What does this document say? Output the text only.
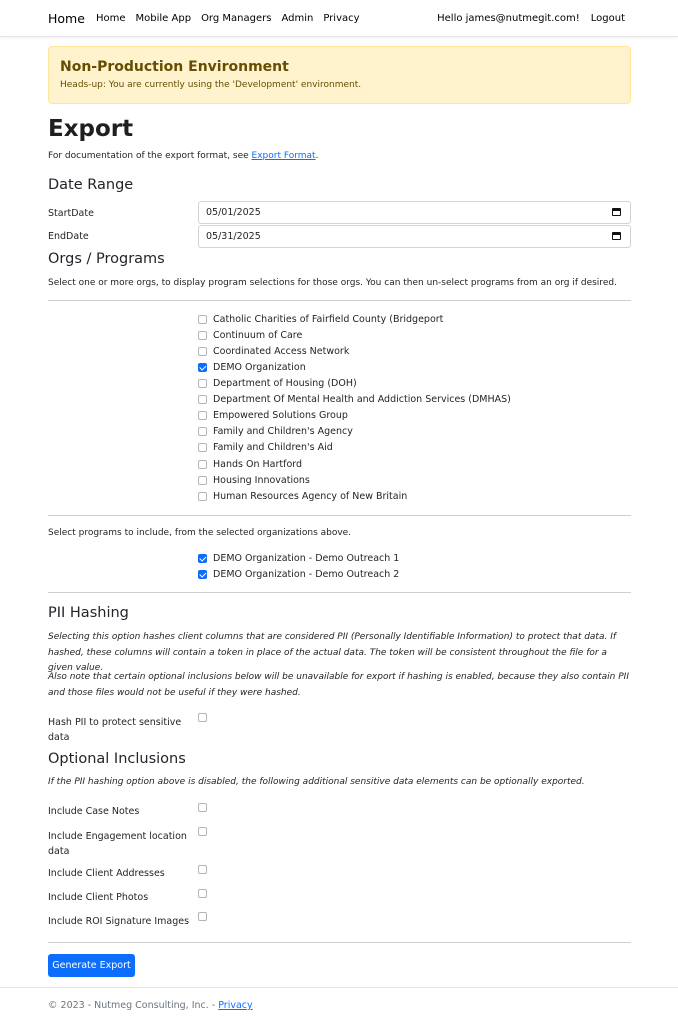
Home Home Mobile App Org Managers Admin Privacy	Hello james@nutmegit.com! Logout
Non-Production Environment
Heads-up: You are currently using the 'Development' environment.
Export
For documentation of the export format, see Export Format.
Date Range
StartDate	05/01/2025
EndDate	05/31/2025
Orgs / Programs
Select one or more orgs, to display program selections for those orgs. You can then un-select programs from an org if desired.
Catholic Charities of Fairfield County (Bridgeport
Continuum of Care
Coordinated Access Network
DEMO Organization
Department of Housing (DOH)
Department Of Mental Health and Addiction Services (DMHAS)
Empowered Solutions Group
Family and Children's Agency
Family and Children's Aid
Hands On Hartford
Housing Innovations
Human Resources Agency of New Britain
Select programs to include, from the selected organizations above.
DEMO Organization - Demo Outreach 1
DEMO Organization - Demo Outreach 2
PII Hashing
Selecting this option hashes client columns that are considered PII (Personally Identifiable Information) to protect that data. If hashed, these columns will contain a token in place of the actual data. The token will be consistent throughout the file for a given value.
Also note that certain optional inclusions below will be unavailable for export if hashing is enabled, because they also contain PII and those files would not be useful if they were hashed.
Hash PII to protect sensitive data
Optional Inclusions
If the PII hashing option above is disabled, the following additional sensitive data elements can be optionally exported.
Include Case Notes
Include Engagement location data
Include Client Addresses
Include Client Photos
Include ROI Signature Images
Generate Export
© 2023 - Nutmeg Consulting, Inc. - Privacy
